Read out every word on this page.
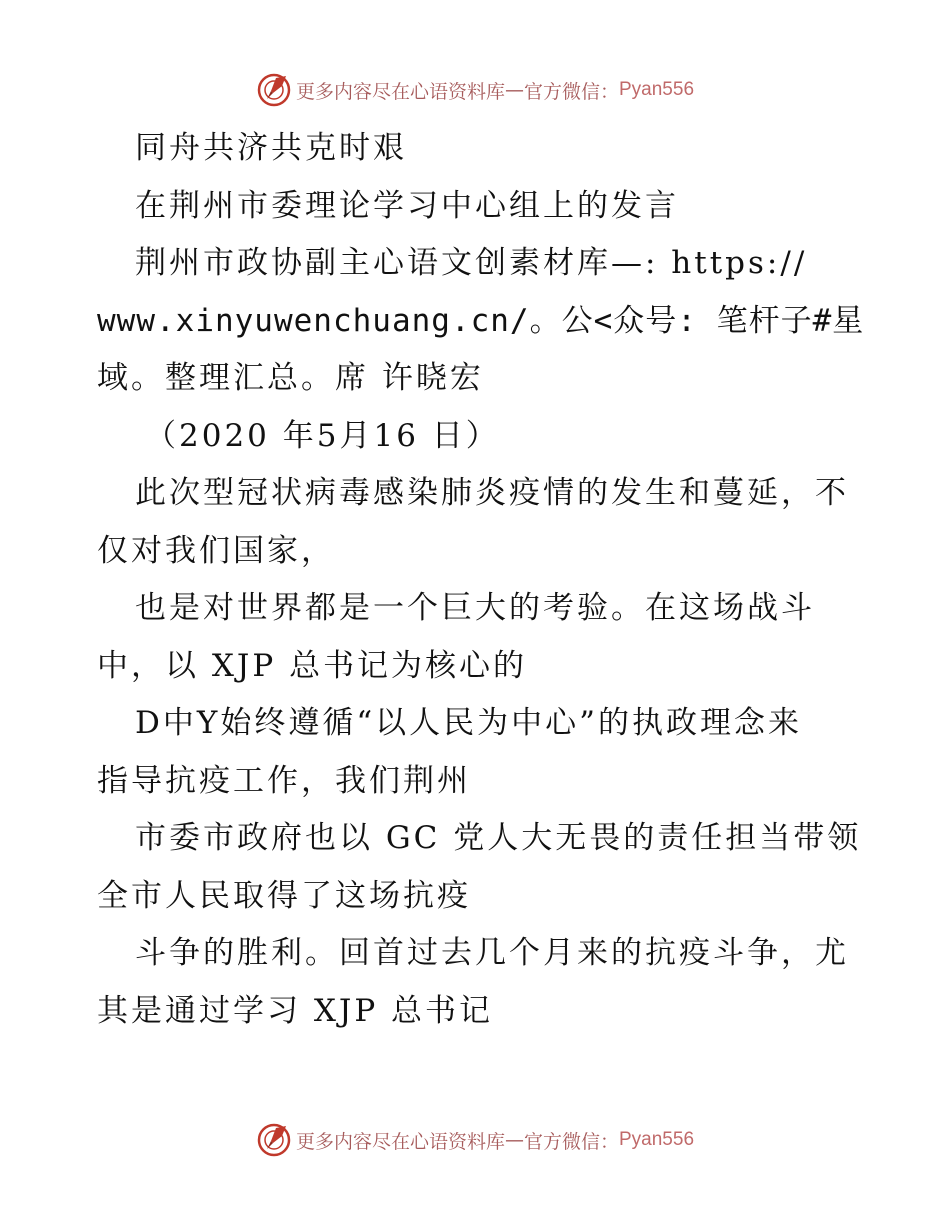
更多内容尽在心语资料库 — 官方微信： Pyan556
同舟共济共克时艰
在荆州市委理论学习中心组上的发言
荆州市政协副主心语文创素材库—: https://
www.xinyuwenchuang.cn/。公<众号: 笔杆子#星
域。整理汇总。席 许晓宏
（2020 年5月16 日）
此次型冠状病毒感染肺炎疫情的发生和蔓延，不
仅对我们国家，
也是对世界都是一个巨大的考验。在这场战斗
中，以 XJP 总书记为核心的
D中Y始终遵循“以人民为中心”的执政理念来
指导抗疫工作，我们荆州
市委市政府也以 GC 党人大无畏的责任担当带领
全市人民取得了这场抗疫
斗争的胜利。回首过去几个月来的抗疫斗争，尤
其是通过学习 XJP 总书记
更多内容尽在心语资料库 — 官方微信： Pyan556
